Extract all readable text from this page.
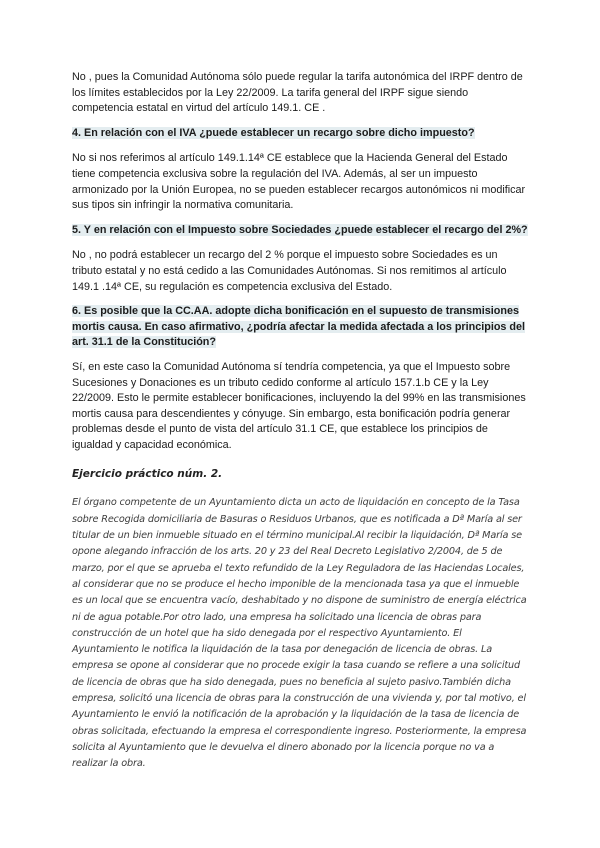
No , pues la Comunidad Autónoma sólo puede regular la tarifa autonómica del IRPF dentro de los límites establecidos por la Ley 22/2009. La tarifa general del IRPF sigue siendo competencia estatal en virtud del artículo 149.1. CE .

4. En relación con el IVA ¿puede establecer un recargo sobre dicho impuesto?

No si nos referimos al artículo 149.1.14ª CE establece que la Hacienda General del Estado tiene competencia exclusiva sobre la regulación del IVA. Además, al ser un impuesto armonizado por la Unión Europea, no se pueden establecer recargos autonómicos ni modificar sus tipos sin infringir la normativa comunitaria.

5. Y en relación con el Impuesto sobre Sociedades ¿puede establecer el recargo del 2%?

No , no podrá establecer un recargo del 2 % porque el impuesto sobre Sociedades es un tributo estatal y no está cedido a las Comunidades Autónomas. Si nos remitimos al artículo 149.1 .14ª CE, su regulación es competencia exclusiva del Estado.

6. Es posible que la CC.AA. adopte dicha bonificación en el supuesto de transmisiones mortis causa. En caso afirmativo, ¿podría afectar la medida afectada a los principios del art. 31.1 de la Constitución?

Sí, en este caso la Comunidad Autónoma sí tendría competencia, ya que el Impuesto sobre Sucesiones y Donaciones es un tributo cedido conforme al artículo 157.1.b CE y la Ley 22/2009. Esto le permite establecer bonificaciones, incluyendo la del 99% en las transmisiones mortis causa para descendientes y cónyuge. Sin embargo, esta bonificación podría generar problemas desde el punto de vista del artículo 31.1 CE, que establece los principios de igualdad y capacidad económica.

Ejercicio práctico núm. 2.

El órgano competente de un Ayuntamiento dicta un acto de liquidación en concepto de la Tasa sobre Recogida domiciliaria de Basuras o Residuos Urbanos, que es notificada a Dª María al ser titular de un bien inmueble situado en el término municipal.Al recibir la liquidación, Dª María se opone alegando infracción de los arts. 20 y 23 del Real Decreto Legislativo 2/2004, de 5 de marzo, por el que se aprueba el texto refundido de la Ley Reguladora de las Haciendas Locales, al considerar que no se produce el hecho imponible de la mencionada tasa ya que el inmueble es un local que se encuentra vacío, deshabitado y no dispone de suministro de energía eléctrica ni de agua potable.Por otro lado, una empresa ha solicitado una licencia de obras para construcción de un hotel que ha sido denegada por el respectivo Ayuntamiento. El Ayuntamiento le notifica la liquidación de la tasa por denegación de licencia de obras. La empresa se opone al considerar que no procede exigir la tasa cuando se refiere a una solicitud de licencia de obras que ha sido denegada, pues no beneficia al sujeto pasivo.También dicha empresa, solicitó una licencia de obras para la construcción de una vivienda y, por tal motivo, el Ayuntamiento le envió la notificación de la aprobación y la liquidación de la tasa de licencia de obras solicitada, efectuando la empresa el correspondiente ingreso. Posteriormente, la empresa solicita al Ayuntamiento que le devuelva el dinero abonado por la licencia porque no va a realizar la obra.
